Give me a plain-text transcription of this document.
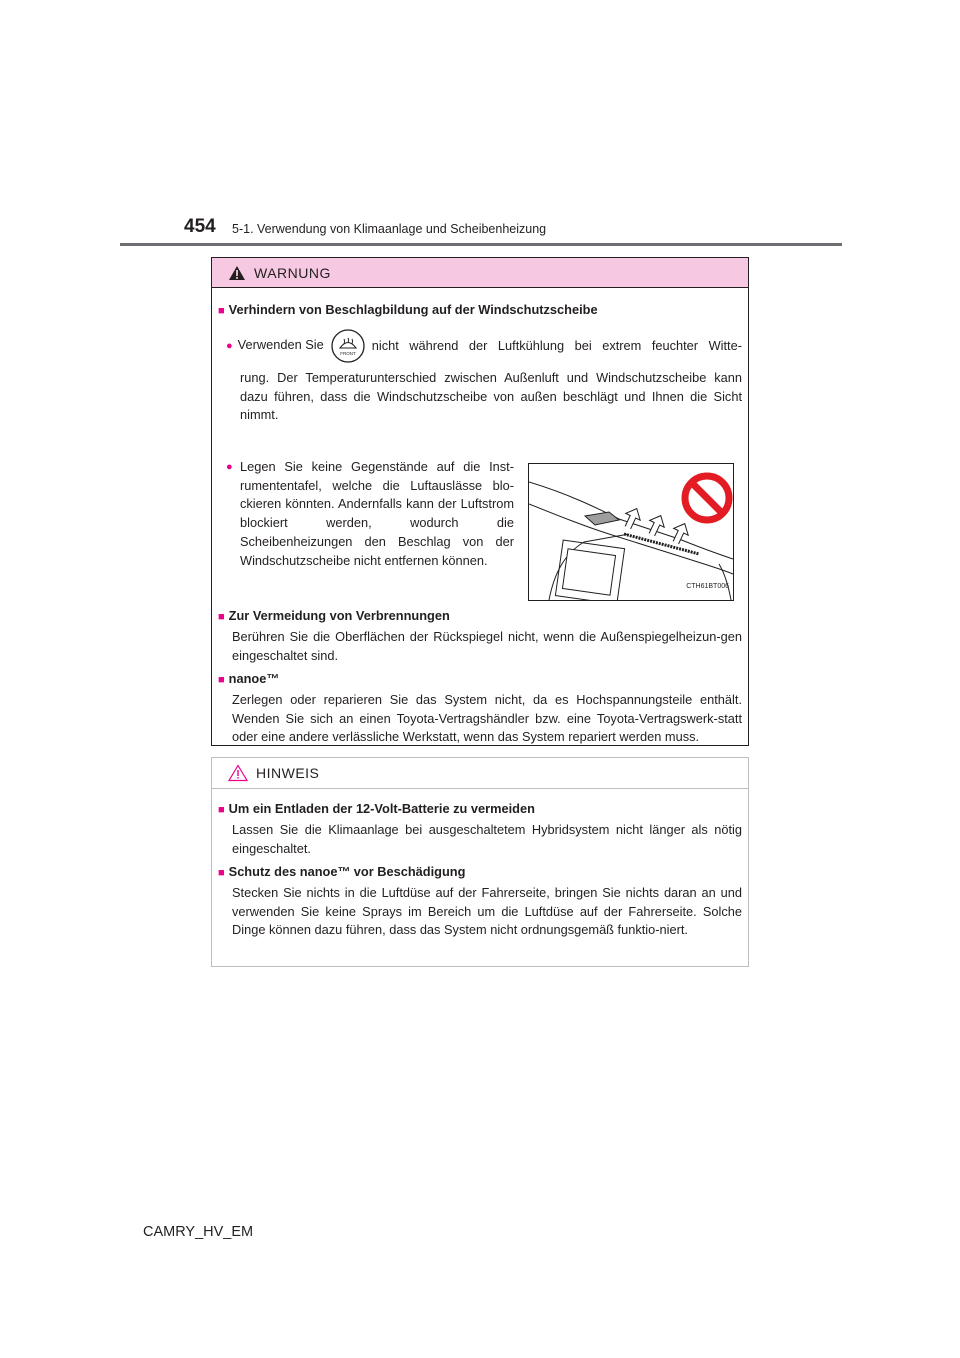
454 5-1. Verwendung von Klimaanlage und Scheibenheizung
WARNUNG
■ Verhindern von Beschlagbildung auf der Windschutzscheibe
● Verwenden Sie
FRONT
nicht während der Luftkühlung bei extrem feuchter Witte-
rung. Der Temperaturunterschied zwischen Außenluft und Windschutzscheibe kann dazu führen, dass die Windschutzscheibe von außen beschlägt und Ihnen die Sicht nimmt.
● Legen Sie keine Gegenstände auf die Inst-rumententafel, welche die Luftauslässe blo-ckieren könnten. Andernfalls kann der Luftstrom blockiert werden, wodurch die Scheibenheizungen den Beschlag von der Windschutzscheibe nicht entfernen können.
CTH61BT006
■ Zur Vermeidung von Verbrennungen
Berühren Sie die Oberflächen der Rückspiegel nicht, wenn die Außenspiegelheizun-gen eingeschaltet sind.
■ nanoe™
Zerlegen oder reparieren Sie das System nicht, da es Hochspannungsteile enthält. Wenden Sie sich an einen Toyota-Vertragshändler bzw. eine Toyota-Vertragswerk-statt oder eine andere verlässliche Werkstatt, wenn das System repariert werden muss.
HINWEIS
■ Um ein Entladen der 12-Volt-Batterie zu vermeiden
Lassen Sie die Klimaanlage bei ausgeschaltetem Hybridsystem nicht länger als nötig eingeschaltet.
■ Schutz des nanoe™ vor Beschädigung
Stecken Sie nichts in die Luftdüse auf der Fahrerseite, bringen Sie nichts daran an und verwenden Sie keine Sprays im Bereich um die Luftdüse auf der Fahrerseite. Solche Dinge können dazu führen, dass das System nicht ordnungsgemäß funktio-niert.
CAMRY_HV_EM
